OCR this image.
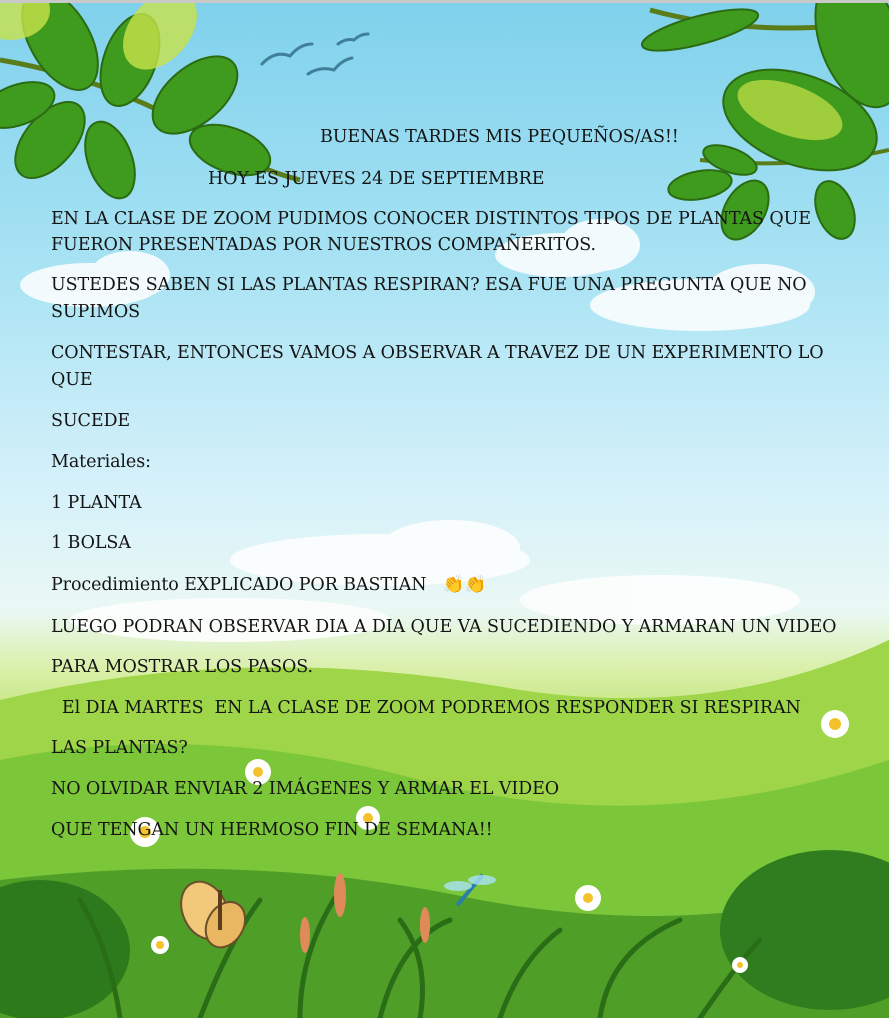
BUENAS TARDES MIS PEQUEÑOS/AS!!

HOY ES JUEVES 24 DE SEPTIEMBRE

EN LA CLASE DE ZOOM PUDIMOS CONOCER DISTINTOS TIPOS DE PLANTAS QUE

FUERON PRESENTADAS POR NUESTROS COMPAÑERITOS.

USTEDES SABEN SI LAS PLANTAS RESPIRAN? ESA FUE UNA PREGUNTA QUE NO

SUPIMOS

CONTESTAR, ENTONCES VAMOS A OBSERVAR A TRAVEZ DE UN EXPERIMENTO LO

QUE

SUCEDE

Materiales:

1 PLANTA

1 BOLSA

Procedimiento EXPLICADO POR BASTIAN 👏👏

LUEGO PODRAN OBSERVAR DIA A DIA QUE VA SUCEDIENDO Y ARMARAN UN VIDEO

PARA MOSTRAR LOS PASOS.

El DIA MARTES  EN LA CLASE DE ZOOM PODREMOS RESPONDER SI RESPIRAN

LAS PLANTAS?

NO OLVIDAR ENVIAR 2 IMÁGENES Y ARMAR EL VIDEO

QUE TENGAN UN HERMOSO FIN DE SEMANA!!
